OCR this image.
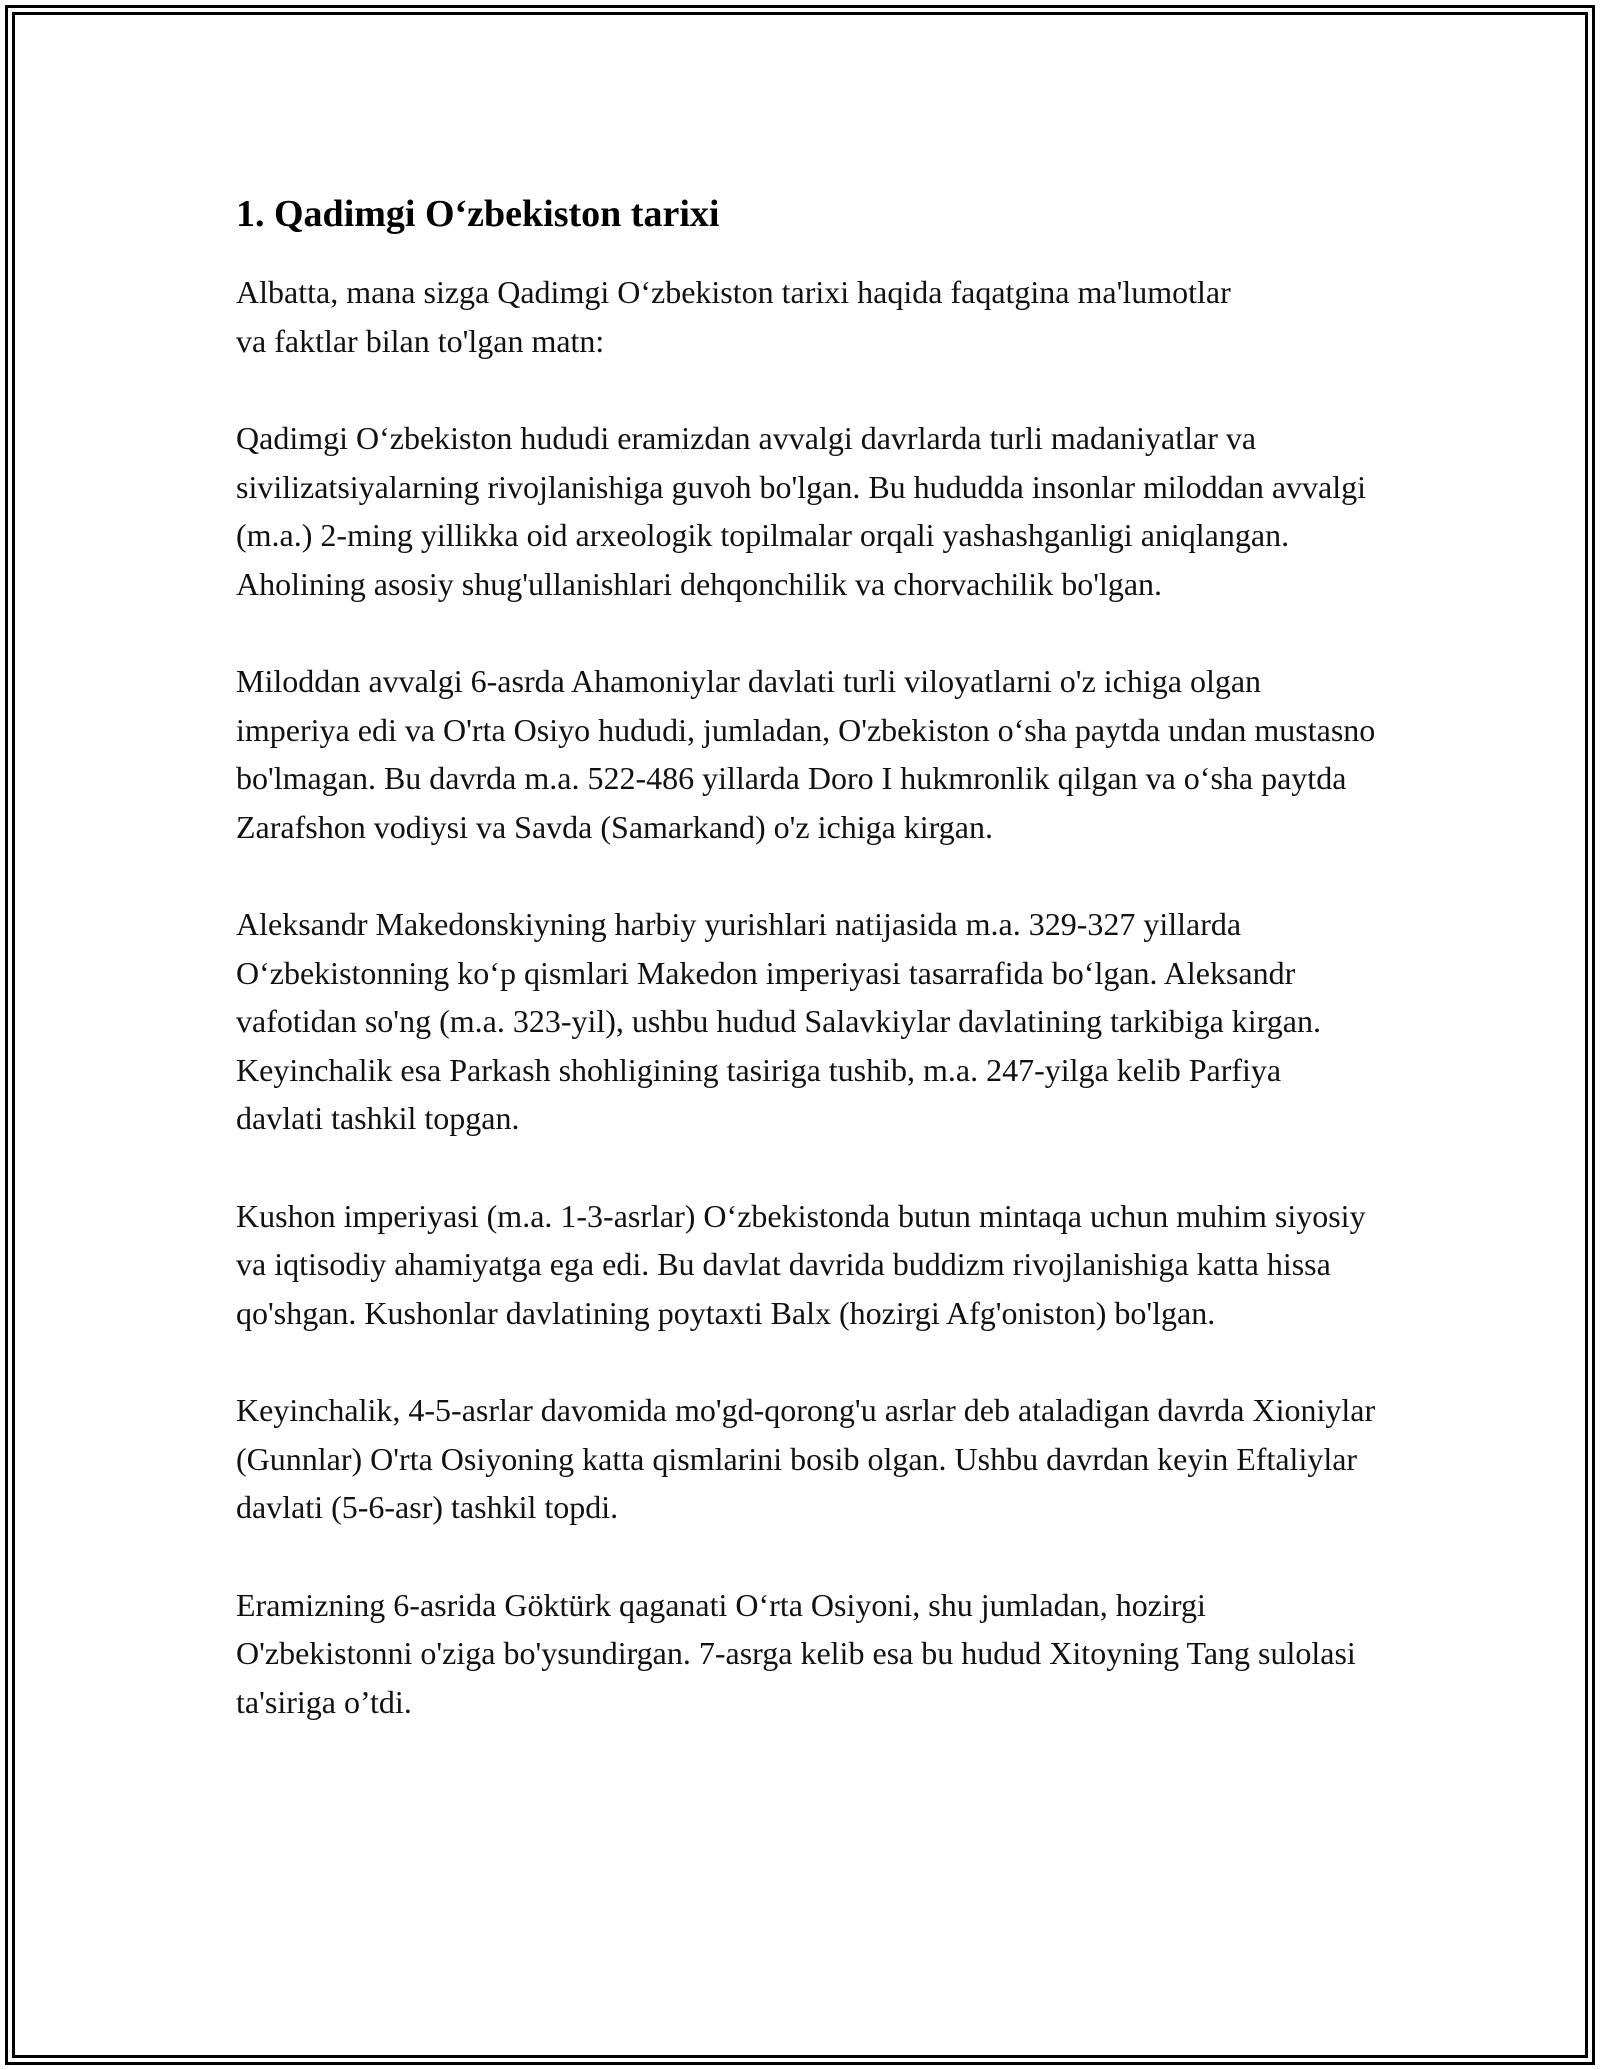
1. Qadimgi O‘zbekiston tarixi

Albatta, mana sizga Qadimgi O‘zbekiston tarixi haqida faqatgina ma'lumotlar va faktlar bilan to'lgan matn:

Qadimgi O‘zbekiston hududi eramizdan avvalgi davrlarda turli madaniyatlar va sivilizatsiyalarning rivojlanishiga guvoh bo'lgan. Bu hududda insonlar miloddan avvalgi (m.a.) 2-ming yillikka oid arxeologik topilmalar orqali yashashganligi aniqlangan. Aholining asosiy shug'ullanishlari dehqonchilik va chorvachilik bo'lgan.

Miloddan avvalgi 6-asrda Ahamoniylar davlati turli viloyatlarni o'z ichiga olgan imperiya edi va O'rta Osiyo hududi, jumladan, O'zbekiston o‘sha paytda undan mustasno bo'lmagan. Bu davrda m.a. 522-486 yillarda Doro I hukmronlik qilgan va o‘sha paytda Zarafshon vodiysi va Savda (Samarkand) o'z ichiga kirgan.

Aleksandr Makedonskiyning harbiy yurishlari natijasida m.a. 329-327 yillarda O‘zbekistonning ko‘p qismlari Makedon imperiyasi tasarrafida bo‘lgan. Aleksandr vafotidan so'ng (m.a. 323-yil), ushbu hudud Salavkiylar davlatining tarkibiga kirgan. Keyinchalik esa Parkash shohligining tasiriga tushib, m.a. 247-yilga kelib Parfiya davlati tashkil topgan.

Kushon imperiyasi (m.a. 1-3-asrlar) O‘zbekistonda butun mintaqa uchun muhim siyosiy va iqtisodiy ahamiyatga ega edi. Bu davlat davrida buddizm rivojlanishiga katta hissa qo'shgan. Kushonlar davlatining poytaxti Balx (hozirgi Afg'oniston) bo'lgan.

Keyinchalik, 4-5-asrlar davomida mo'gd-qorong'u asrlar deb ataladigan davrda Xioniylar (Gunnlar) O'rta Osiyoning katta qismlarini bosib olgan. Ushbu davrdan keyin Eftaliylar davlati (5-6-asr) tashkil topdi.

Eramizning 6-asrida Göktürk qaganati O‘rta Osiyoni, shu jumladan, hozirgi O'zbekistonni o'ziga bo'ysundirgan. 7-asrga kelib esa bu hudud Xitoyning Tang sulolasi ta'siriga o’tdi.
